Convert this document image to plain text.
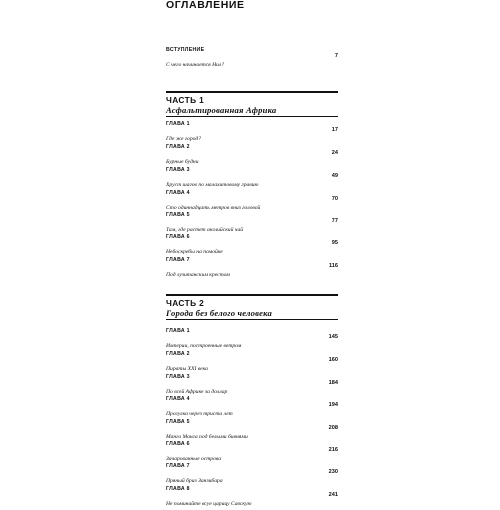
ОГЛАВЛЕНИЕ
ВСТУПЛЕНИЕ
С чего начинается Нил?
7
ЧАСТЬ 1
Асфальтированная Африка
ГЛАВА 1
Где же город?
17
ГЛАВА 2
Бурные будни
24
ГЛАВА 3
Хруст шагов по малахитовому гравию
49
ГЛАВА 4
Сто одиннадцать метров вниз головой
70
ГЛАВА 5
Там, где растет английский чай
77
ГЛАВА 6
Небоскребы на помойке
95
ГЛАВА 7
Под лузитанским крестом
116
ЧАСТЬ 2
Города без белого человека
ГЛАВА 1
Империи, построенные ветром
145
ГЛАВА 2
Пираты XXI века
160
ГЛАВА 3
По всей Африке за доллар
184
ГЛАВА 4
Прогулка через триста лет
194
ГЛАВА 5
Манго Манга под белыми бивнями
208
ГЛАВА 6
Зачарованные острова
216
ГЛАВА 7
Пряный бриз Занзибара
230
ГЛАВА 8
Не поминайте всуе царицу Савскую
241
